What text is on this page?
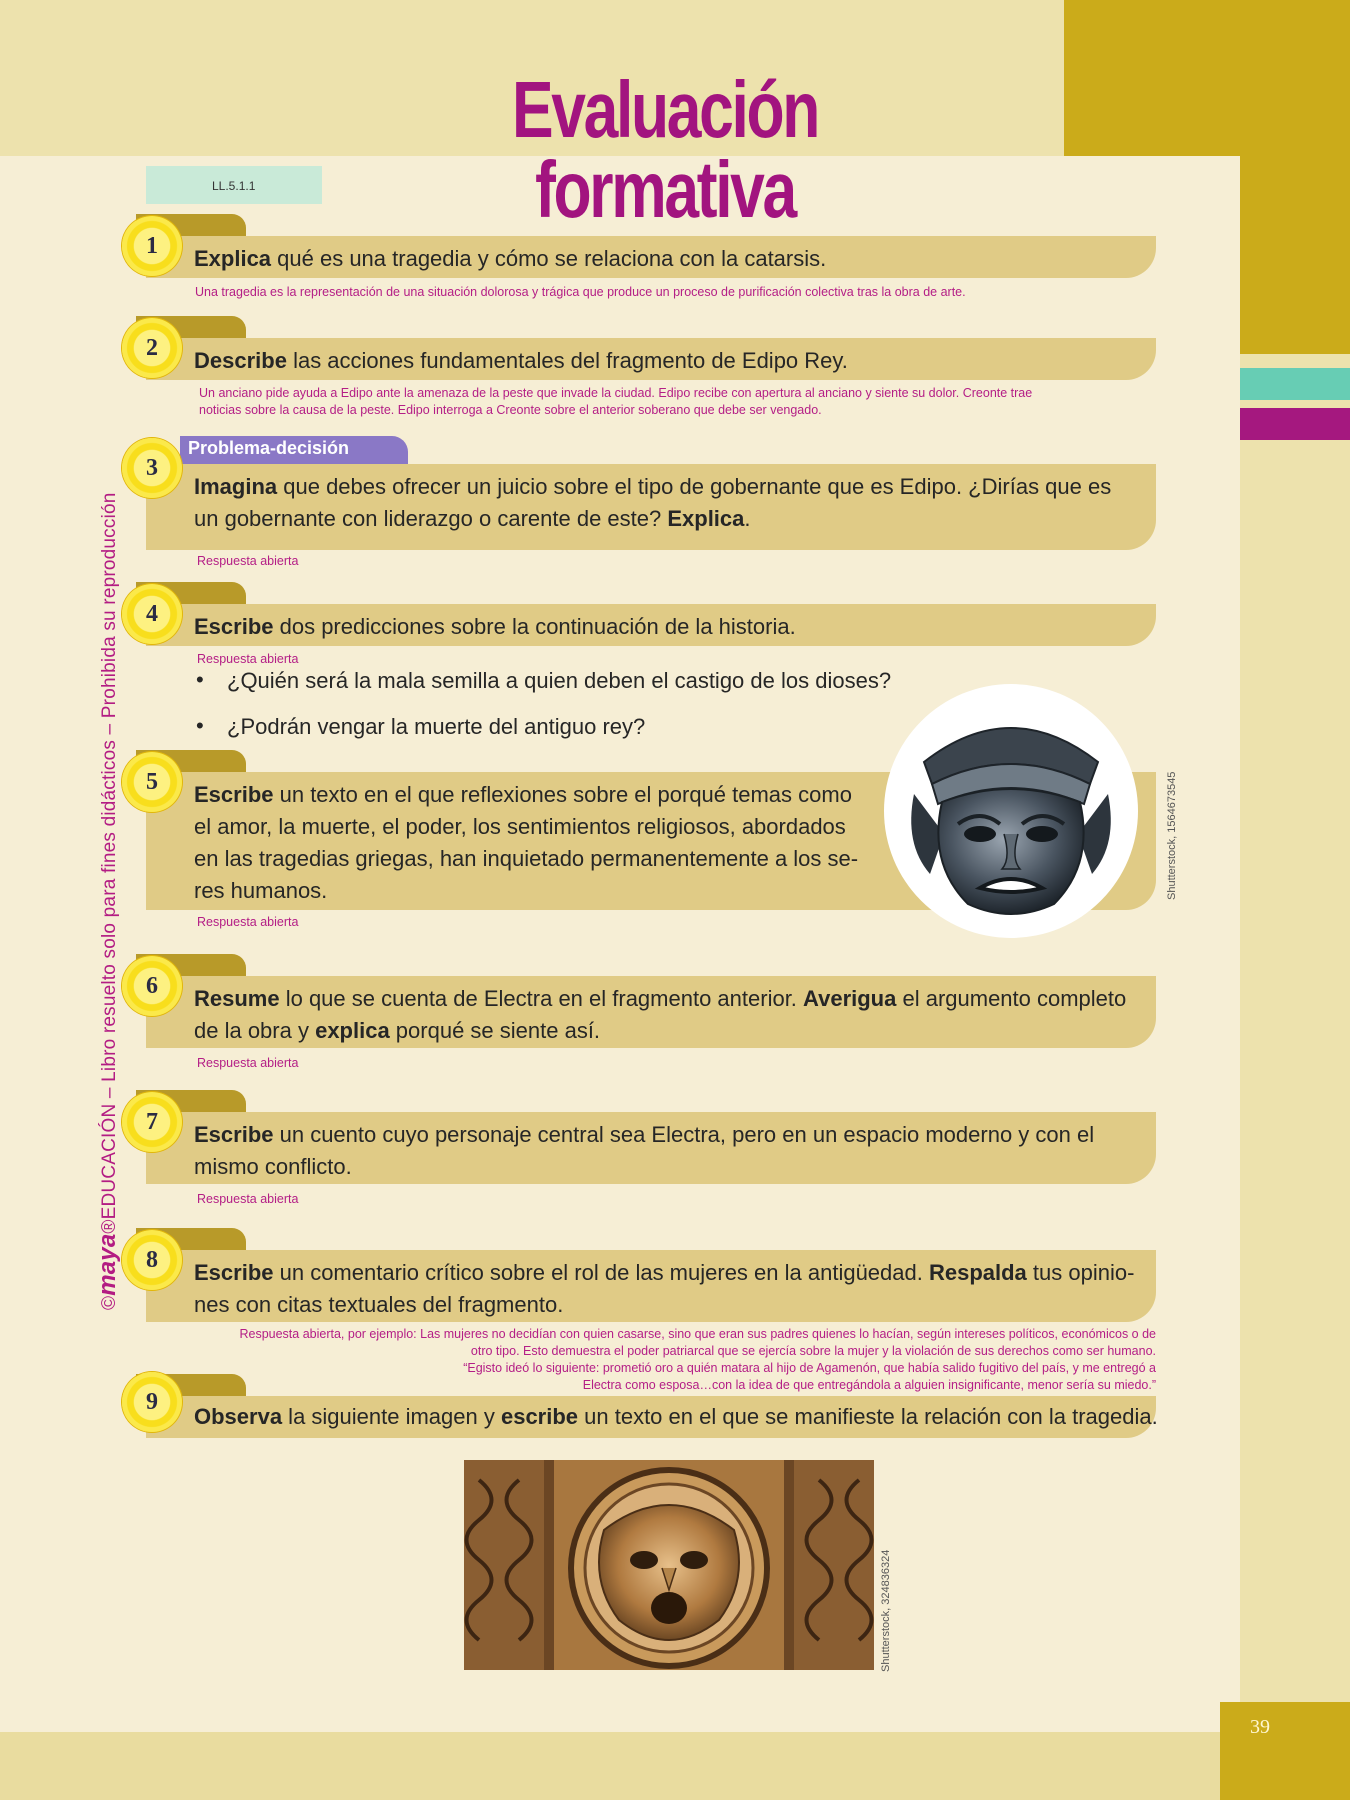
39
Evaluación formativa
LL.5.1.1
©maya®EDUCACIÓN – Libro resuelto solo para fines didácticos – Prohibida su reproducción
1	Explica qué es una tragedia y cómo se relaciona con la catarsis.
Una tragedia es la representación de una situación dolorosa y trágica que produce un proceso de purificación colectiva tras la obra de arte.
2	Describe las acciones fundamentales del fragmento de Edipo Rey.
Un anciano pide ayuda a Edipo ante la amenaza de la peste que invade la ciudad. Edipo recibe con apertura al anciano y siente su dolor. Creonte trae
noticias sobre la causa de la peste. Edipo interroga a Creonte sobre el anterior soberano que debe ser vengado.
Problema-decisión
3
Imagina que debes ofrecer un juicio sobre el tipo de gobernante que es Edipo. ¿Dirías que es
un gobernante con liderazgo o carente de este? Explica.
Respuesta abierta
4	Escribe dos predicciones sobre la continuación de la historia.
Respuesta abierta
• ¿Quién será la mala semilla a quien deben el castigo de los dioses?
• ¿Podrán vengar la muerte del antiguo rey?
5	Escribe un texto en el que reflexiones sobre el porqué temas como
el amor, la muerte, el poder, los sentimientos religiosos, abordados
en las tragedias griegas, han inquietado permanentemente a los se-
res humanos.
Respuesta abierta
Shutterstock, 1564673545
6	Resume lo que se cuenta de Electra en el fragmento anterior. Averigua el argumento completo
de la obra y explica porqué se siente así.
Respuesta abierta
7	Escribe un cuento cuyo personaje central sea Electra, pero en un espacio moderno y con el
mismo conflicto.
Respuesta abierta
8	Escribe un comentario crítico sobre el rol de las mujeres en la antigüedad. Respalda tus opinio-
nes con citas textuales del fragmento.
Respuesta abierta, por ejemplo: Las mujeres no decidían con quien casarse, sino que eran sus padres quienes lo hacían, según intereses políticos, económicos o de
otro tipo. Esto demuestra el poder patriarcal que se ejercía sobre la mujer y la violación de sus derechos como ser humano.
“Egisto ideó lo siguiente: prometió oro a quién matara al hijo de Agamenón, que había salido fugitivo del país, y me entregó a
Electra como esposa…con la idea de que entregándola a alguien insignificante, menor sería su miedo.”
9
Observa la siguiente imagen y escribe un texto en el que se manifieste la relación con la tragedia.
Shutterstock, 324836324
